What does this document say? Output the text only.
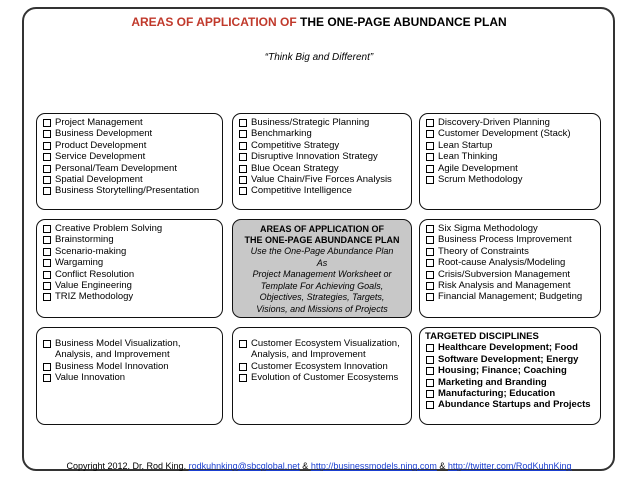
AREAS OF APPLICATION OF THE ONE-PAGE ABUNDANCE PLAN
“Think Big and Different”
Project Management
Business Development
Product Development
Service Development
Personal/Team Development
Spatial Development
Business Storytelling/Presentation
Business/Strategic Planning
Benchmarking
Competitive Strategy
Disruptive Innovation Strategy
Blue Ocean Strategy
Value Chain/Five Forces Analysis
Competitive Intelligence
Discovery-Driven Planning
Customer Development (Stack)
Lean Startup
Lean Thinking
Agile Development
Scrum Methodology
Creative Problem Solving
Brainstorming
Scenario-making
Wargaming
Conflict Resolution
Value Engineering
TRIZ Methodology
AREAS OF APPLICATION OF
THE ONE-PAGE ABUNDANCE PLAN
Use the One-Page Abundance Plan
As
Project Management Worksheet or
Template For Achieving Goals,
Objectives, Strategies, Targets,
Visions, and Missions of Projects
Six Sigma Methodology
Business Process Improvement
Theory of Constraints
Root-cause Analysis/Modeling
Crisis/Subversion Management
Risk Analysis and Management
Financial Management; Budgeting
Business Model Visualization, Analysis, and Improvement
Business Model Innovation
Value Innovation
Customer Ecosystem Visualization, Analysis, and Improvement
Customer Ecosystem Innovation
Evolution of Customer Ecosystems
TARGETED DISCIPLINES
Healthcare Development; Food
Software Development; Energy
Housing; Finance; Coaching
Marketing and Branding
Manufacturing; Education
Abundance Startups and Projects
Copyright 2012. Dr. Rod King. rodkuhnking@sbcglobal.net & http://businessmodels.ning.com & http://twitter.com/RodKuhnKing
